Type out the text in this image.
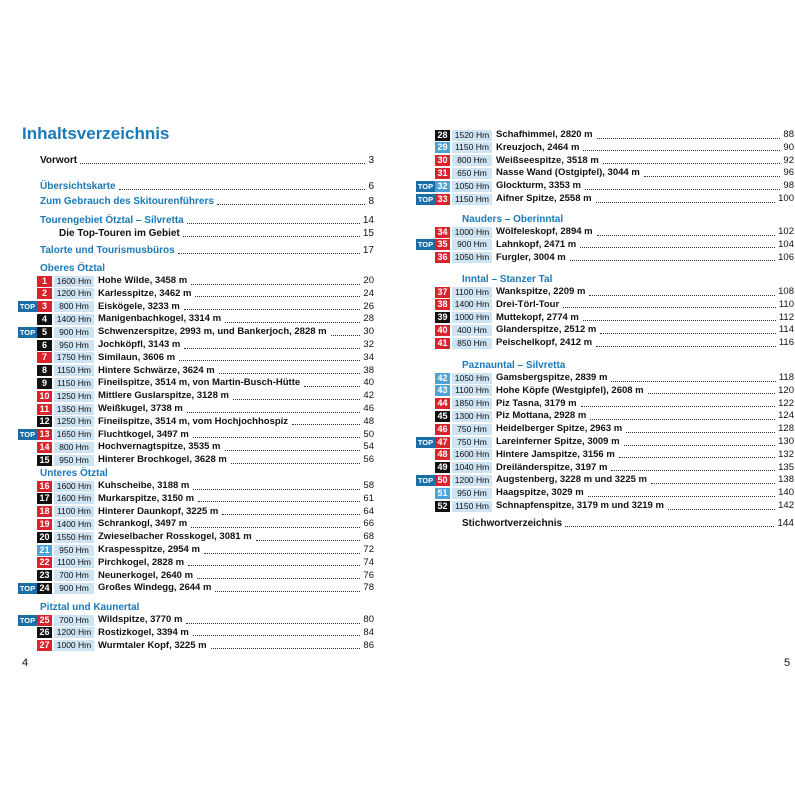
Inhaltsverzeichnis
Vorwort	3
Übersichtskarte	6
Zum Gebrauch des Skitourenführers	8
Tourengebiet Ötztal – Silvretta	14
Die Top-Touren im Gebiet	15
Talorte und Tourismusbüros	17
Oberes Ötztal
1	1600 Hm Hohe Wilde, 3458 m	20
2	1200 Hm Karlesspitze, 3462 m	24
TOP 3	800 Hm Eiskögele, 3233 m	26
4	1400 Hm Manigenbachkogel, 3314 m	28
TOP 5	900 Hm Schwenzerspitze, 2993 m, und Bankerjoch, 2828 m	30
6	950 Hm Jochköpfl, 3143 m	32
7	1750 Hm Similaun, 3606 m	34
8	1150 Hm Hintere Schwärze, 3624 m	38
9	1150 Hm Fineilspitze, 3514 m, von Martin-Busch-Hütte	40
10 1250 Hm Mittlere Guslarspitze, 3128 m	42
11 1350 Hm Weißkugel, 3738 m	46
12 1250 Hm Fineilspitze, 3514 m, vom Hochjochhospiz	48
TOP 13 1650 Hm Fluchtkogel, 3497 m	50
14	800 Hm Hochvernagtspitze, 3535 m	54
15	950 Hm Hinterer Brochkogel, 3628 m	56
Unteres Ötztal
16 1600 Hm Kuhscheibe, 3188 m	58
17 1600 Hm Murkarspitze, 3150 m	61
18 1100 Hm Hinterer Daunkopf, 3225 m	64
19 1400 Hm Schrankogl, 3497 m	66
20 1550 Hm Zwieselbacher Rosskogel, 3081 m	68
21	950 Hm Kraspesspitze, 2954 m	72
22 1100 Hm Pirchkogel, 2828 m	74
23	700 Hm Neunerkogel, 2640 m	76
TOP 24	900 Hm Großes Windegg, 2644 m	78
Pitztal und Kaunertal
TOP 25	700 Hm Wildspitze, 3770 m	80
26 1200 Hm Rostizkogel, 3394 m	84
27 1000 Hm Wurmtaler Kopf, 3225 m	86
4
28 1520 Hm Schafhimmel, 2820 m	88
29 1150 Hm Kreuzjoch, 2464 m	90
30	800 Hm Weißseespitze, 3518 m	92
31	650 Hm Nasse Wand (Ostgipfel), 3044 m	96
TOP 32 1050 Hm Glockturm, 3353 m	98
TOP 33 1150 Hm Aifner Spitze, 2558 m	100
Nauders – Oberinntal
34 1000 Hm Wölfeleskopf, 2894 m	102
TOP 35	900 Hm Lahnkopf, 2471 m	104
36 1050 Hm Furgler, 3004 m	106
Inntal – Stanzer Tal
37 1100 Hm Wankspitze, 2209 m	108
38 1400 Hm Drei-Törl-Tour	110
39 1000 Hm Muttekopf, 2774 m	112
40	400 Hm Glanderspitze, 2512 m	114
41	850 Hm Peischelkopf, 2412 m	116
Paznauntal – Silvretta
42 1050 Hm Gamsbergspitze, 2839 m	118
43 1100 Hm Hohe Köpfe (Westgipfel), 2608 m	120
44 1850 Hm Piz Tasna, 3179 m	122
45 1300 Hm Piz Mottana, 2928 m	124
46	750 Hm Heidelberger Spitze, 2963 m	128
TOP 47	750 Hm Lareinferner Spitze, 3009 m	130
48 1600 Hm Hintere Jamspitze, 3156 m	132
49 1040 Hm Dreiländerspitze, 3197 m	135
TOP 50 1200 Hm Augstenberg, 3228 m und 3225 m	138
51	950 Hm Haagspitze, 3029 m	140
52 1150 Hm Schnapfenspitze, 3179 m und 3219 m	142
Stichwortverzeichnis	144
5
